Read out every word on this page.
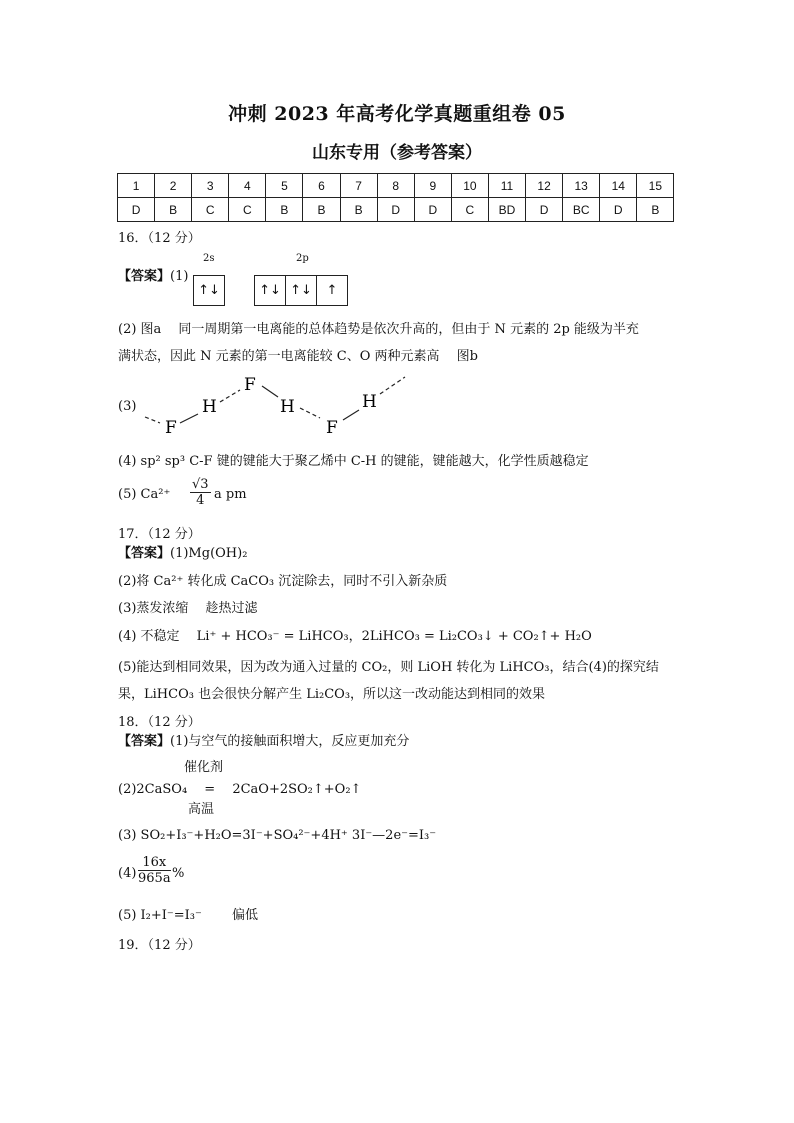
冲刺 2023 年高考化学真题重组卷 05
山东专用（参考答案）
1	2	3	4	5	6	7	8	9	10	11	12	13	14	15
D	B	C	C	B	B	B	D	D	C	BD	D	BC	D	B
16．（12 分）
【答案】(1)
2s	2p
↑↓	↑↓ ↑↓ ↑
(2) 图a　 同一周期第一电离能的总体趋势是依次升高的，但由于 N 元素的 2p 能级为半充
满状态，因此 N 元素的第一电离能较 C、O 两种元素高　 图b
(3)
F
H
F
H
F
H
(4) sp² sp³ C-F 键的键能大于聚乙烯中 C-H 的键能，键能越大，化学性质越稳定
(5) $Ca^{2+} \frac{√3}{4}$ a pm
17．（12 分）
【答案】(1)Mg(OH)₂
(2)将 Ca²⁺ 转化成 CaCO₃ 沉淀除去，同时不引入新杂质
(3)蒸发浓缩　 趁热过滤
(4) 不稳定　 Li⁺ + HCO₃⁻ = LiHCO₃，2LiHCO₃ = Li₂CO₃↓ + CO₂↑+ H₂O
(5)能达到相同效果，因为改为通入过量的 CO₂，则 LiOH 转化为 LiHCO₃，结合(4)的探究结
果，LiHCO₃ 也会很快分解产生 Li₂CO₃，所以这一改动能达到相同的效果
18．（12 分）
【答案】(1)与空气的接触面积增大，反应更加充分
催化剂
(2)2CaSO₄　 =　 2CaO+2SO₂↑+O₂↑
高温
(3) SO₂+I₃⁻+H₂O=3I⁻+SO₄²⁻+4H⁺ 3I⁻—2e⁻=I₃⁻
$(4) \frac{16x}{965a}$ %
(5) I₂+I⁻=I₃⁻　　 偏低
19．（12 分）
